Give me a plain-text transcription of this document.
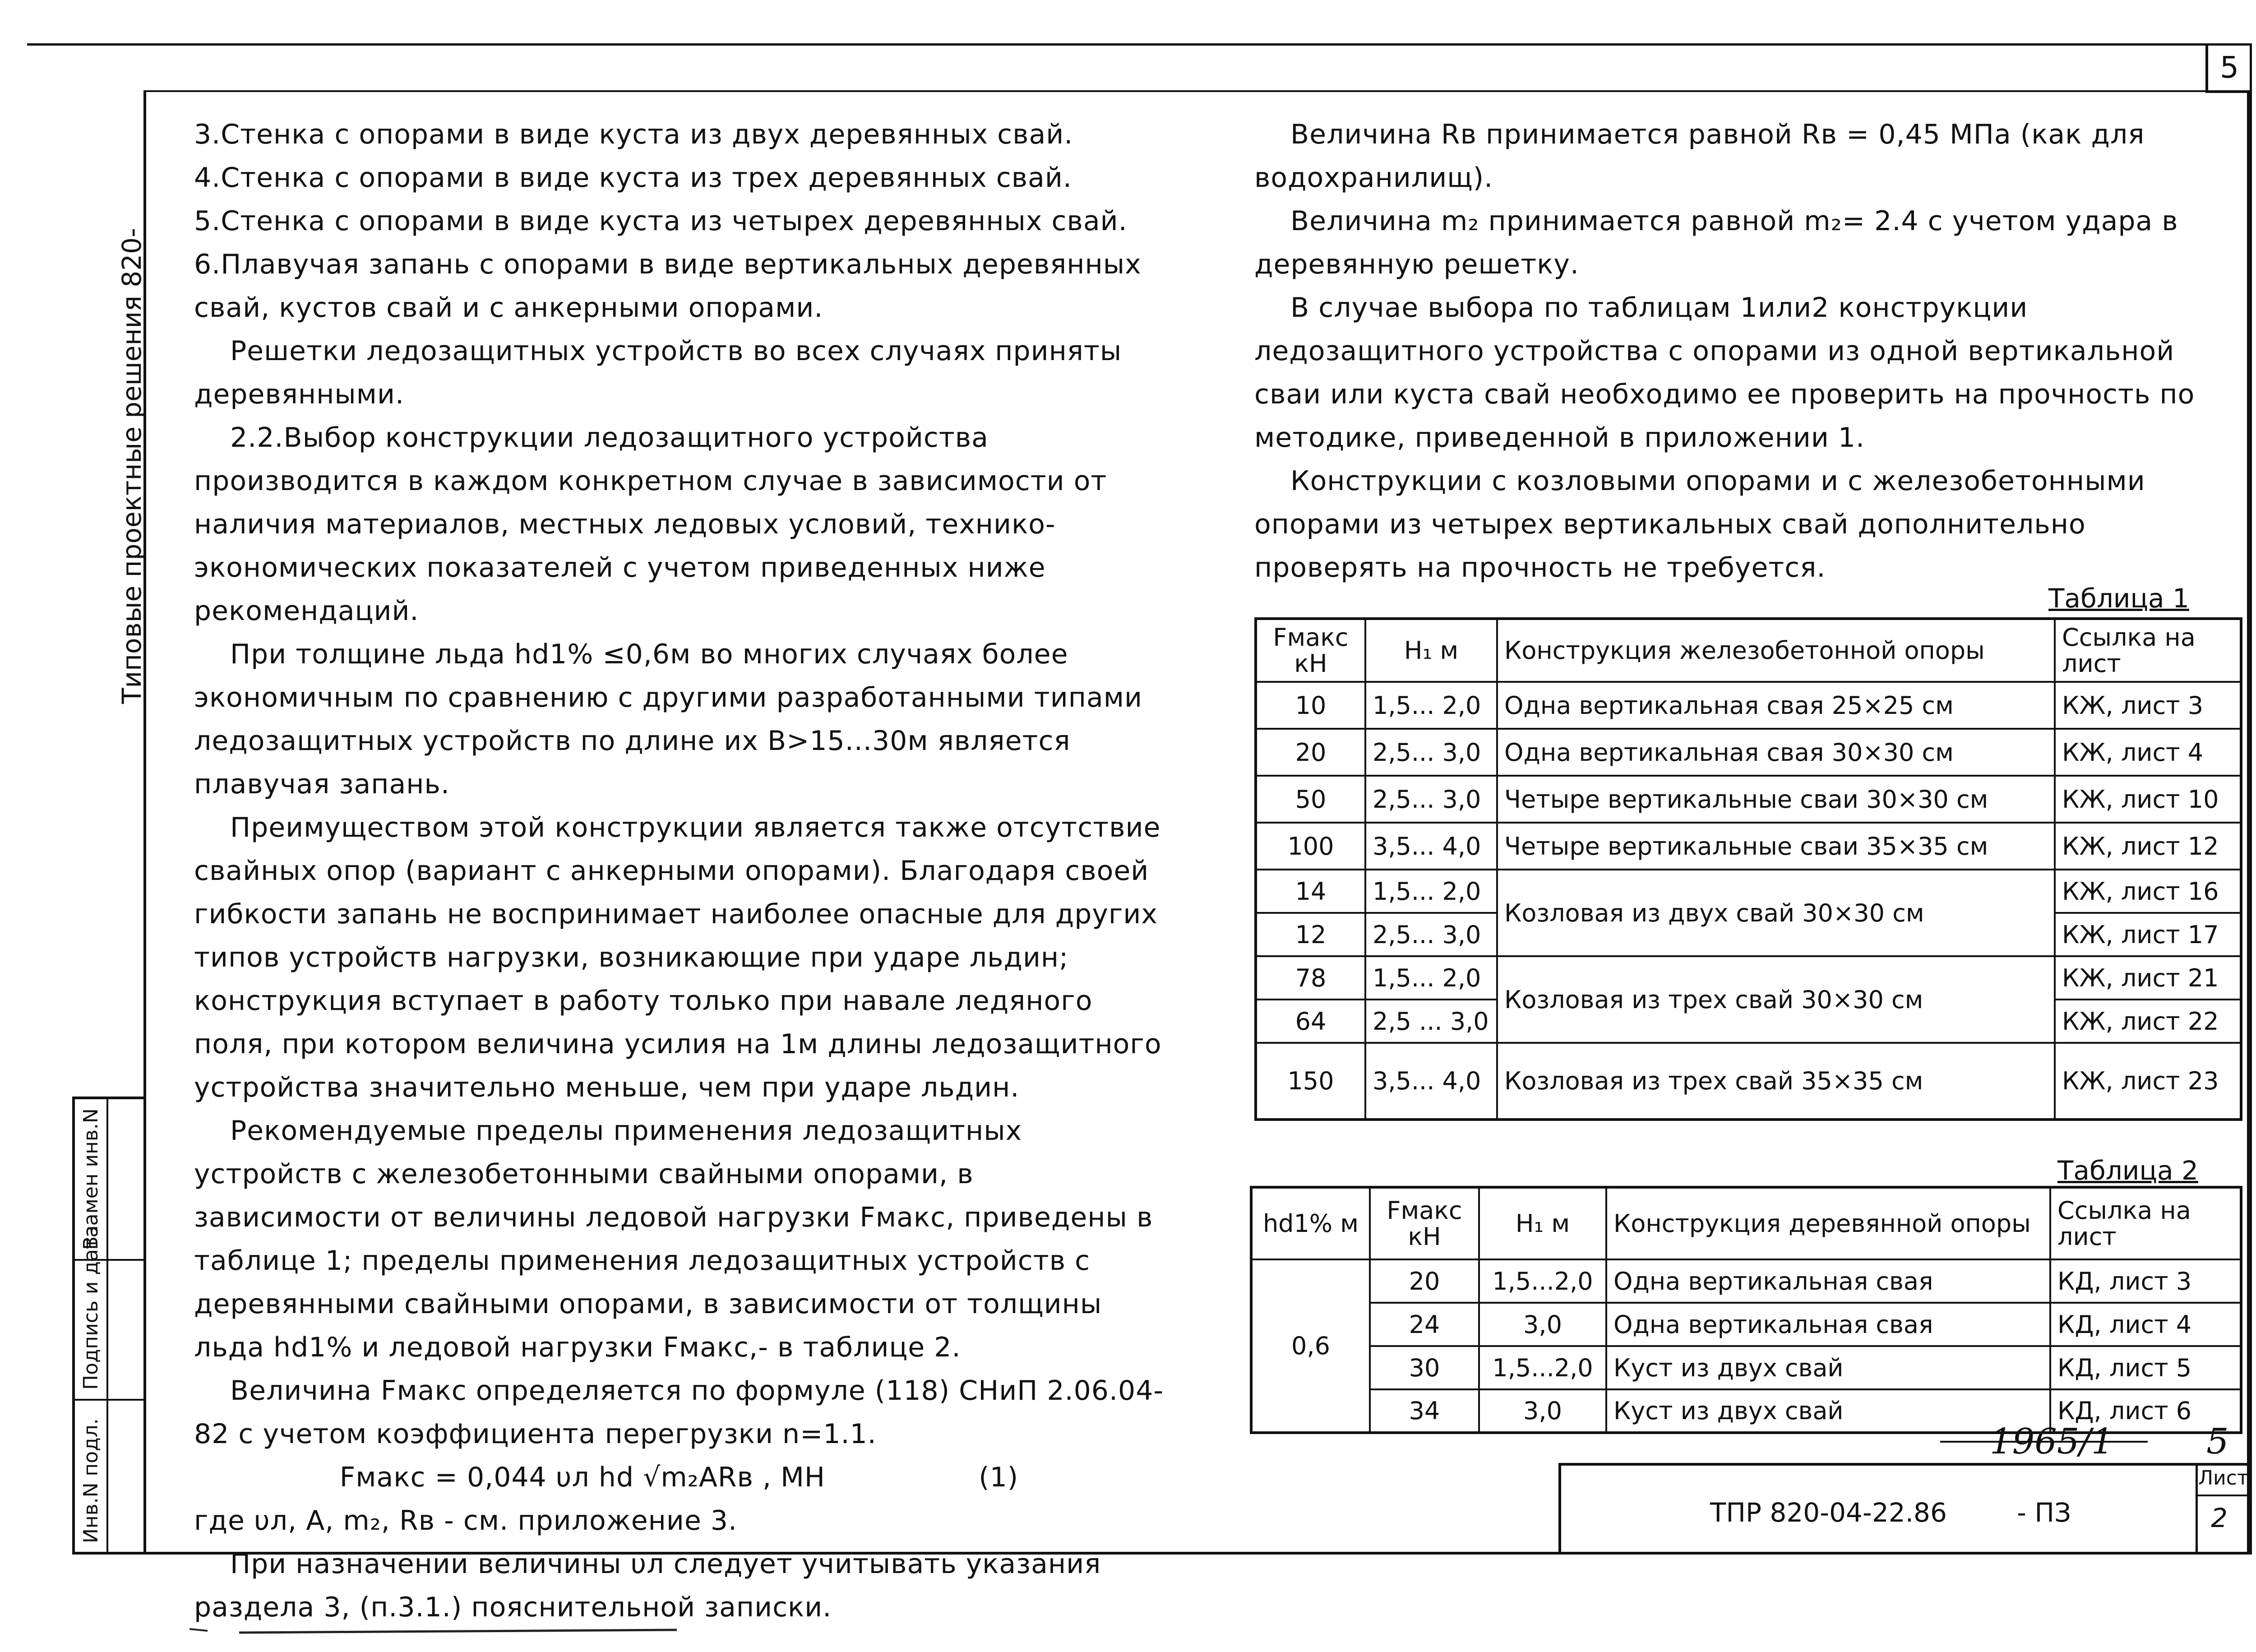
5
Типовые проектные решения 820-
Инв.N подл.
Подпись и дата
Взамен инв.N

3.Стенка с опорами в виде куста из двух деревянных свай.

4.Стенка с опорами в виде куста из трех деревянных свай.

5.Стенка с опорами в виде куста из четырех деревянных свай.

6.Плавучая запань с опорами в виде вертикальных деревянных свай, кустов свай и с анкерными опорами.

Решетки ледозащитных устройств во всех случаях приняты деревянными.

2.2.Выбор конструкции ледозащитного устройства производится в каждом конкретном случае в зависимости от наличия материалов, местных ледовых условий, технико-экономических показателей с учетом приведенных ниже рекомендаций.

При толщине льда hd1% ≤0,6м во многих случаях более экономичным по сравнению с другими разработанными типами ледозащитных устройств по длине их B>15...30м является плавучая запань.

Преимуществом этой конструкции является также отсутствие свайных опор (вариант с анкерными опорами). Благодаря своей гибкости запань не воспринимает наиболее опасные для других типов устройств нагрузки, возникающие при ударе льдин; конструкция вступает в работу только при навале ледяного поля, при котором величина усилия на 1м длины ледозащитного устройства значительно меньше, чем при ударе льдин.

Рекомендуемые пределы применения ледозащитных устройств с железобетонными свайными опорами, в зависимости от величины ледовой нагрузки Fмакс, приведены в таблице 1; пределы применения ледозащитных устройств с деревянными свайными опорами, в зависимости от толщины льда hd1% и ледовой нагрузки Fмакс,- в таблице 2.

Величина Fмакс определяется по формуле (118) СНиП 2.06.04-82 с учетом коэффициента перегрузки n=1.1.

Fмакс = 0,044 υл hd √m₂ARв , МН	(1)

где υл, A, m₂, Rв - см. приложение 3.

При назначении величины υл следует учитывать указания раздела 3, (п.3.1.) пояснительной записки.

Величина Rв принимается равной Rв = 0,45 МПа (как для водохранилищ).

Величина m₂ принимается равной m₂= 2.4 с учетом удара в деревянную решетку.

В случае выбора по таблицам 1или2 конструкции ледозащитного устройства с опорами из одной вертикальной сваи или куста свай необходимо ее проверить на прочность по методике, приведенной в приложении 1.

Конструкции с козловыми опорами и с железобетонными опорами из четырех вертикальных свай дополнительно проверять на прочность не требуется.

Таблица 1
Fмакс кН	H₁ м	Конструкция железобетонной опоры	Ссылка на лист
10	1,5... 2,0	Одна вертикальная свая 25×25 см	КЖ, лист 3
20	2,5... 3,0	Одна вертикальная свая 30×30 см	КЖ, лист 4
50	2,5... 3,0	Четыре вертикальные сваи 30×30 см	КЖ, лист 10
100	3,5... 4,0	Четыре вертикальные сваи 35×35 см	КЖ, лист 12
14	1,5... 2,0	Козловая из двух свай 30×30 см	КЖ, лист 16
12	2,5... 3,0		КЖ, лист 17
78	1,5... 2,0	Козловая из трех свай 30×30 см	КЖ, лист 21
64	2,5 ... 3,0		КЖ, лист 22
150	3,5... 4,0	Козловая из трех свай 35×35 см	КЖ, лист 23
Таблица 2
hd1% м	Fмакс кН	H₁ м	Конструкция деревянной опоры	Ссылка на лист
0,6	20	1,5...2,0	Одна вертикальная свая	КД, лист 3
	24	3,0	Одна вертикальная свая	КД, лист 4
	30	1,5...2,0	Куст из двух свай	КД, лист 5
	34	3,0	Куст из двух свай	КД, лист 6
1965/1	5
ТПР 820-04-22.86	- ПЗ
Лист
2
